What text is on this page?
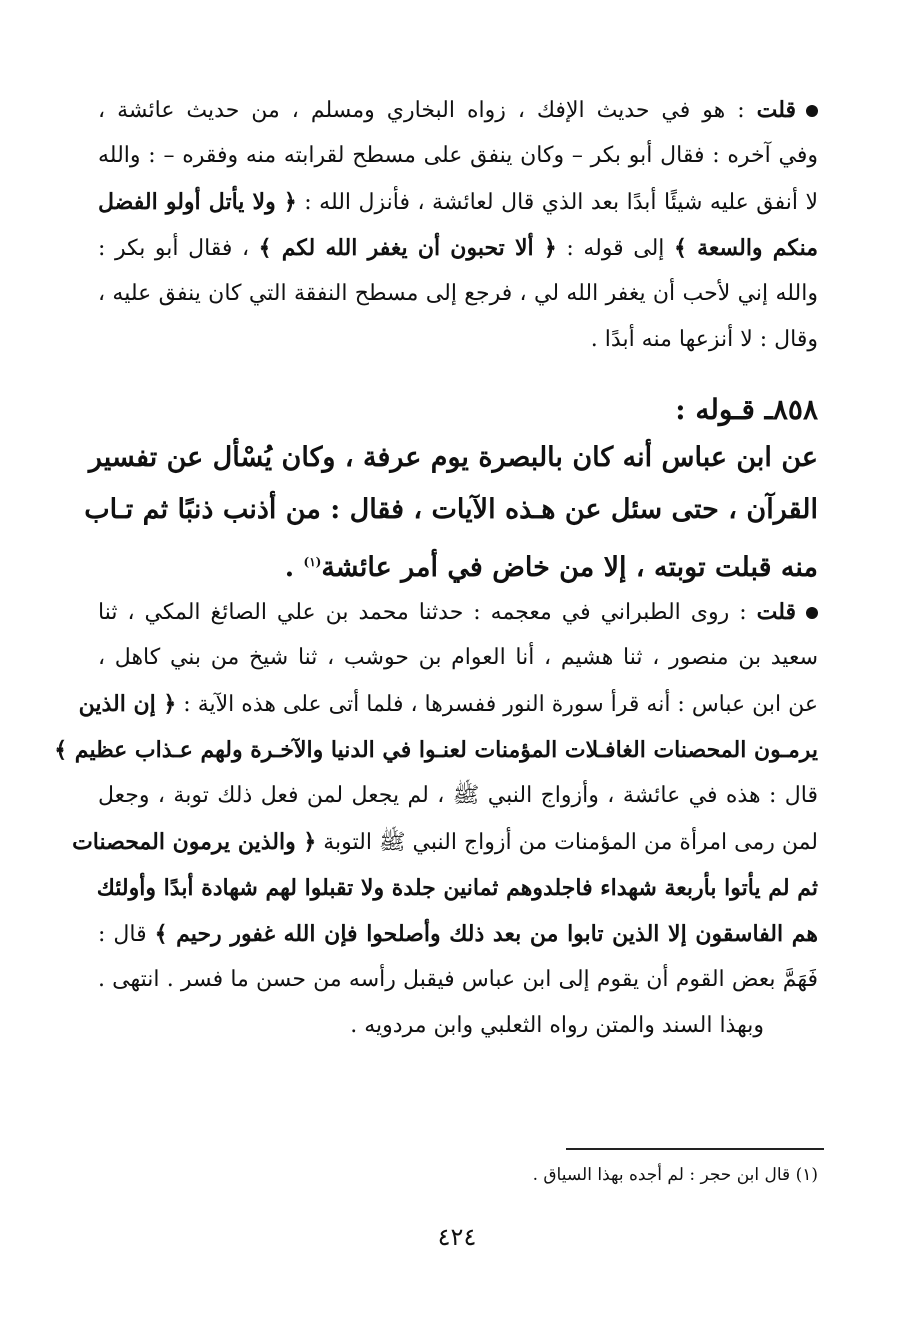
قلت : هو في حديث الإفك ، زواه البخاري ومسلم ، من حديث عائشة ،
وفي آخره : فقال أبو بكر – وكان ينفق على مسطح لقرابته منه وفقره – : والله
لا أنفق عليه شيئًا أبدًا بعد الذي قال لعائشة ، فأنزل الله : ﴿ ولا يأتل أولو الفضل
منكم والسعة ﴾ إلى قوله : ﴿ ألا تحبون أن يغفر الله لكم ﴾ ، فقال أبو بكر :
والله إني لأحب أن يغفر الله لي ، فرجع إلى مسطح النفقة التي كان ينفق عليه ،
وقال : لا أنزعها منه أبدًا .
٨٥٨ـ قـوله :
عن ابن عباس أنه كان بالبصرة يوم عرفة ، وكان يُسْأل عن تفسير
القرآن ، حتى سئل عن هـذه الآيات ، فقال : من أذنب ذنبًا ثم تـاب
منه قبلت توبته ، إلا من خاض في أمر عائشة$^{(١)}$ .
قلت : روى الطبراني في معجمه : حدثنا محمد بن علي الصائغ المكي ، ثنا
سعيد بن منصور ، ثنا هشيم ، أنا العوام بن حوشب ، ثنا شيخ من بني كاهل ،
عن ابن عباس : أنه قرأ سورة النور ففسرها ، فلما أتى على هذه الآية : ﴿ إن الذين
يرمـون المحصنات الغافـلات المؤمنات لعنـوا في الدنيا والآخـرة ولهم عـذاب عظيم ﴾
قال : هذه في عائشة ، وأزواج النبي ﷺ ، لم يجعل لمن فعل ذلك توبة ، وجعل
لمن رمى امرأة من المؤمنات من أزواج النبي ﷺ التوبة ﴿ والذين يرمون المحصنات
ثم لم يأتوا بأربعة شهداء فاجلدوهم ثمانين جلدة ولا تقبلوا لهم شهادة أبدًا وأولئك
هم الفاسقون إلا الذين تابوا من بعد ذلك وأصلحوا فإن الله غفور رحيم ﴾ قال :
فَهَمَّ بعض القوم أن يقوم إلى ابن عباس فيقبل رأسه من حسن ما فسر . انتهى .
وبهذا السند والمتن رواه الثعلبي وابن مردويه .
(١) قال ابن حجر : لم أجده بهذا السياق .
٤٢٤
